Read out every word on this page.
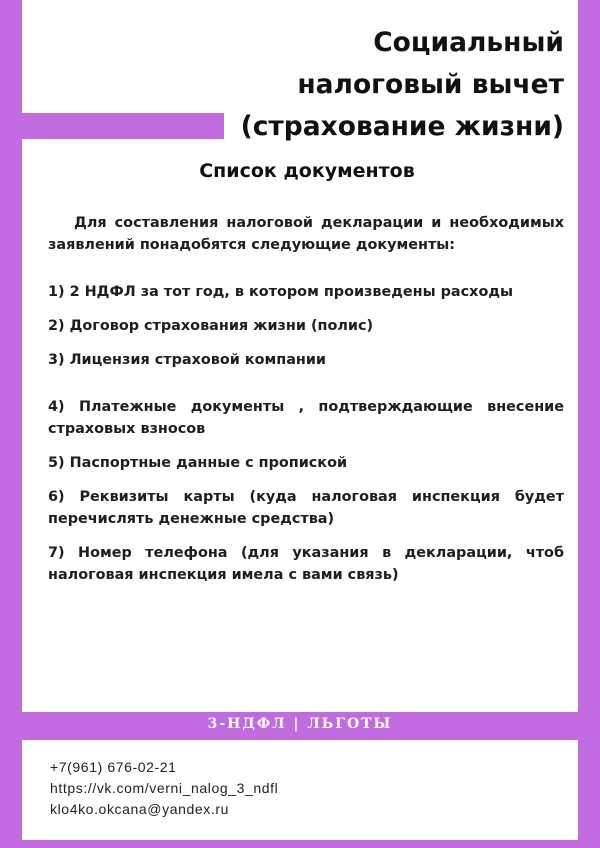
Социальный
налоговый вычет
(страхование жизни)
Список документов

Для составления налоговой декларации и необходимых заявлений понадобятся следующие документы:

1) 2 НДФЛ за тот год, в котором произведены расходы

2) Договор страхования жизни (полис)

3) Лицензия страховой компании

4) Платежные документы , подтверждающие внесение страховых взносов

5) Паспортные данные с пропиской

6) Реквизиты карты (куда налоговая инспекция будет перечислять денежные средства)

7) Номер телефона (для указания в декларации, чтоб налоговая инспекция имела с вами связь)

3-НДФЛ | ЛЬГОТЫ
+7(961) 676-02-21
https://vk.com/verni_nalog_3_ndfl
klo4ko.okcana@yandex.ru
